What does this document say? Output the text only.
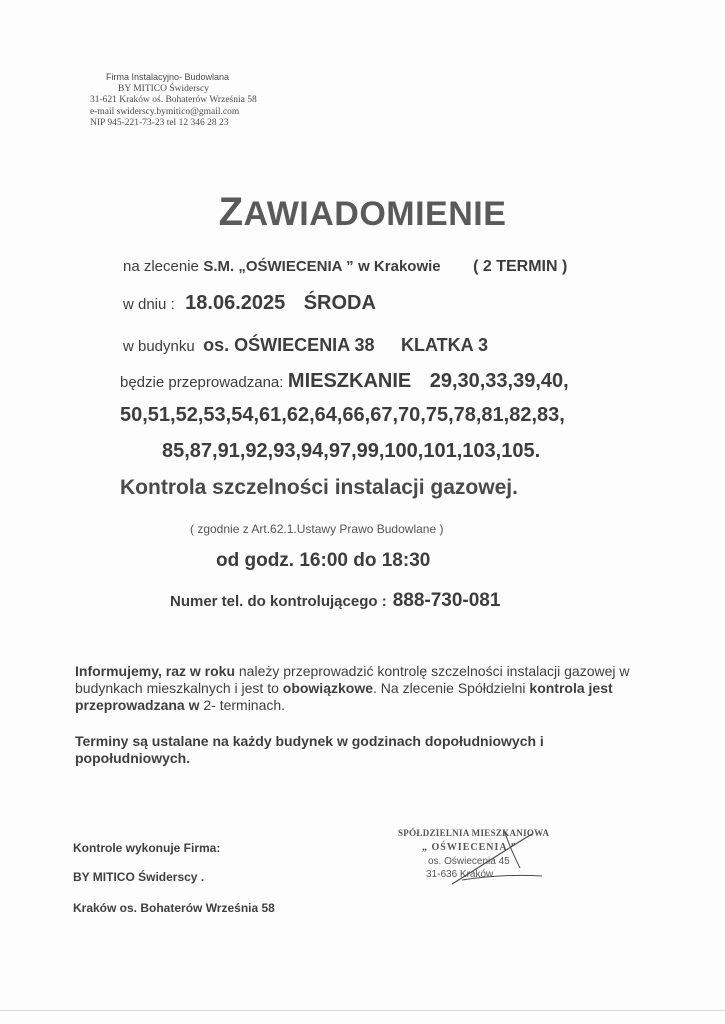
Firma Instalacyjno- Budowlana
BY MITICO Świderscy
31-621 Kraków oś. Bohaterów Września 58
e-mail swiderscy.bymitico@gmail.com
NIP 945-221-73-23 tel 12 346 28 23
ZAWIADOMIENIE
na zlecenie S.M. „OŚWIECENIA ” w Krakowie ( 2 TERMIN )
w dniu : 18.06.2025 ŚRODA
w budynku os. OŚWIECENIA 38 KLATKA 3
będzie przeprowadzana: MIESZKANIE 29,30,33,39,40,
50,51,52,53,54,61,62,64,66,67,70,75,78,81,82,83,
85,87,91,92,93,94,97,99,100,101,103,105.
Kontrola szczelności instalacji gazowej.
( zgodnie z Art.62.1.Ustawy Prawo Budowlane )
od godz. 16:00 do 18:30
Numer tel. do kontrolującego : 888-730-081
Informujemy, raz w roku należy przeprowadzić kontrolę szczelności instalacji gazowej w budynkach mieszkalnych i jest to obowiązkowe. Na zlecenie Spółdzielni kontrola jest przeprowadzana w 2- terminach.
Terminy są ustalane na każdy budynek w godzinach dopołudniowych i popołudniowych.
Kontrole wykonuje Firma:
BY MITICO Świderscy .
Kraków os. Bohaterów Września 58
SPÓŁDZIELNIA MIESZKANIOWA
„ OŚWIECENIA ”
os. Oświecenia 45
31-636 Kraków
